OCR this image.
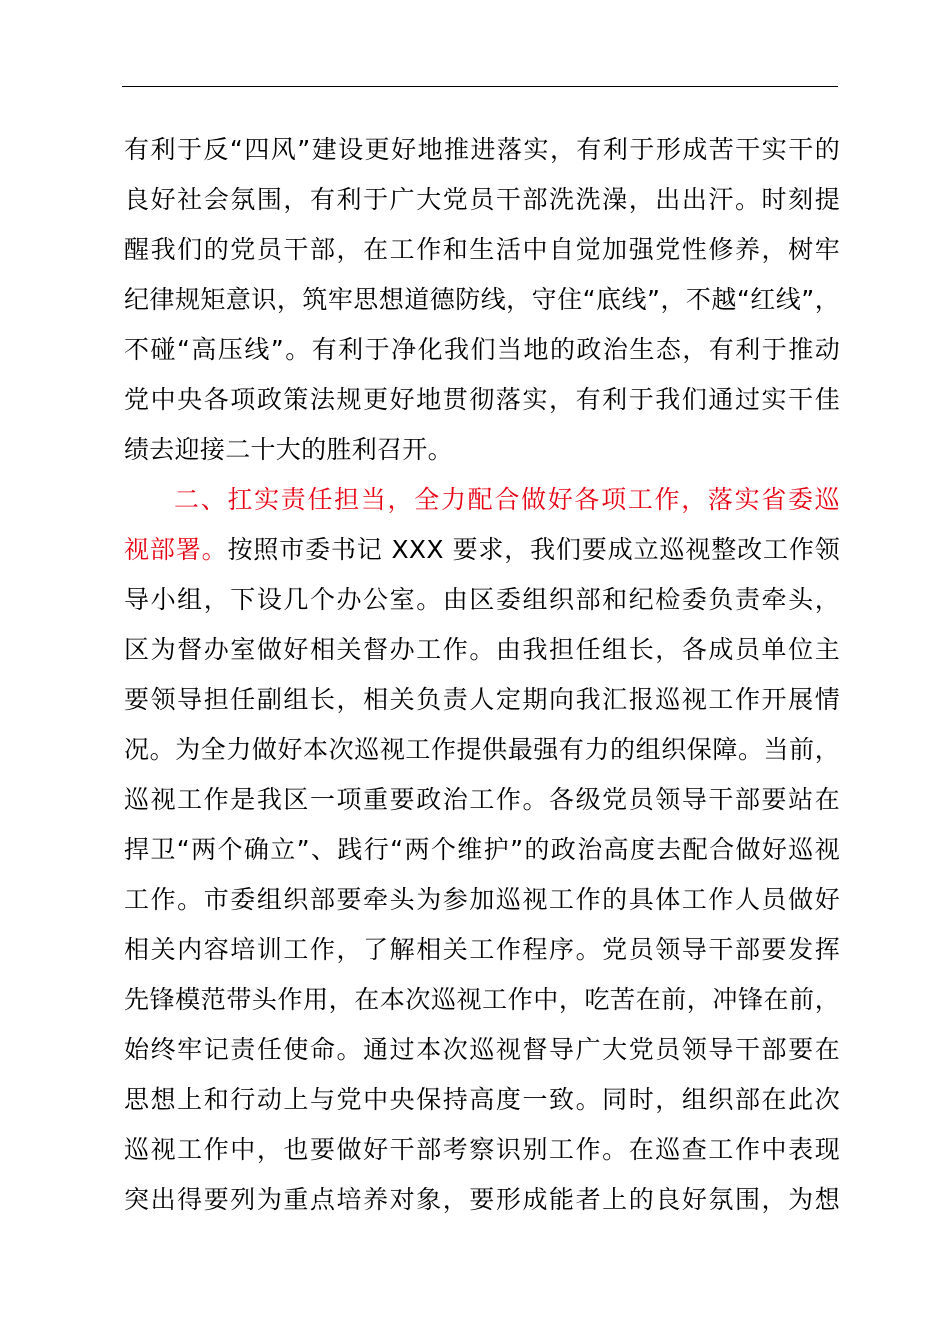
有利于反“四风”建设更好地推进落实，有利于形成苦干实干的
良好社会氛围，有利于广大党员干部洗洗澡，出出汗。时刻提
醒我们的党员干部，在工作和生活中自觉加强党性修养，树牢
纪律规矩意识，筑牢思想道德防线，守住“底线”，不越“红线”，
不碰“高压线”。有利于净化我们当地的政治生态，有利于推动
党中央各项政策法规更好地贯彻落实，有利于我们通过实干佳
绩去迎接二十大的胜利召开。
二、扛实责任担当，全力配合做好各项工作，落实省委巡
视部署。按照市委书记 XXX 要求，我们要成立巡视整改工作领
导小组，下设几个办公室。由区委组织部和纪检委负责牵头，
区为督办室做好相关督办工作。由我担任组长，各成员单位主
要领导担任副组长，相关负责人定期向我汇报巡视工作开展情
况。为全力做好本次巡视工作提供最强有力的组织保障。当前，
巡视工作是我区一项重要政治工作。各级党员领导干部要站在
捍卫“两个确立”、践行“两个维护”的政治高度去配合做好巡视
工作。市委组织部要牵头为参加巡视工作的具体工作人员做好
相关内容培训工作，了解相关工作程序。党员领导干部要发挥
先锋模范带头作用，在本次巡视工作中，吃苦在前，冲锋在前，
始终牢记责任使命。通过本次巡视督导广大党员领导干部要在
思想上和行动上与党中央保持高度一致。同时，组织部在此次
巡视工作中，也要做好干部考察识别工作。在巡查工作中表现
突出得要列为重点培养对象，要形成能者上的良好氛围，为想
